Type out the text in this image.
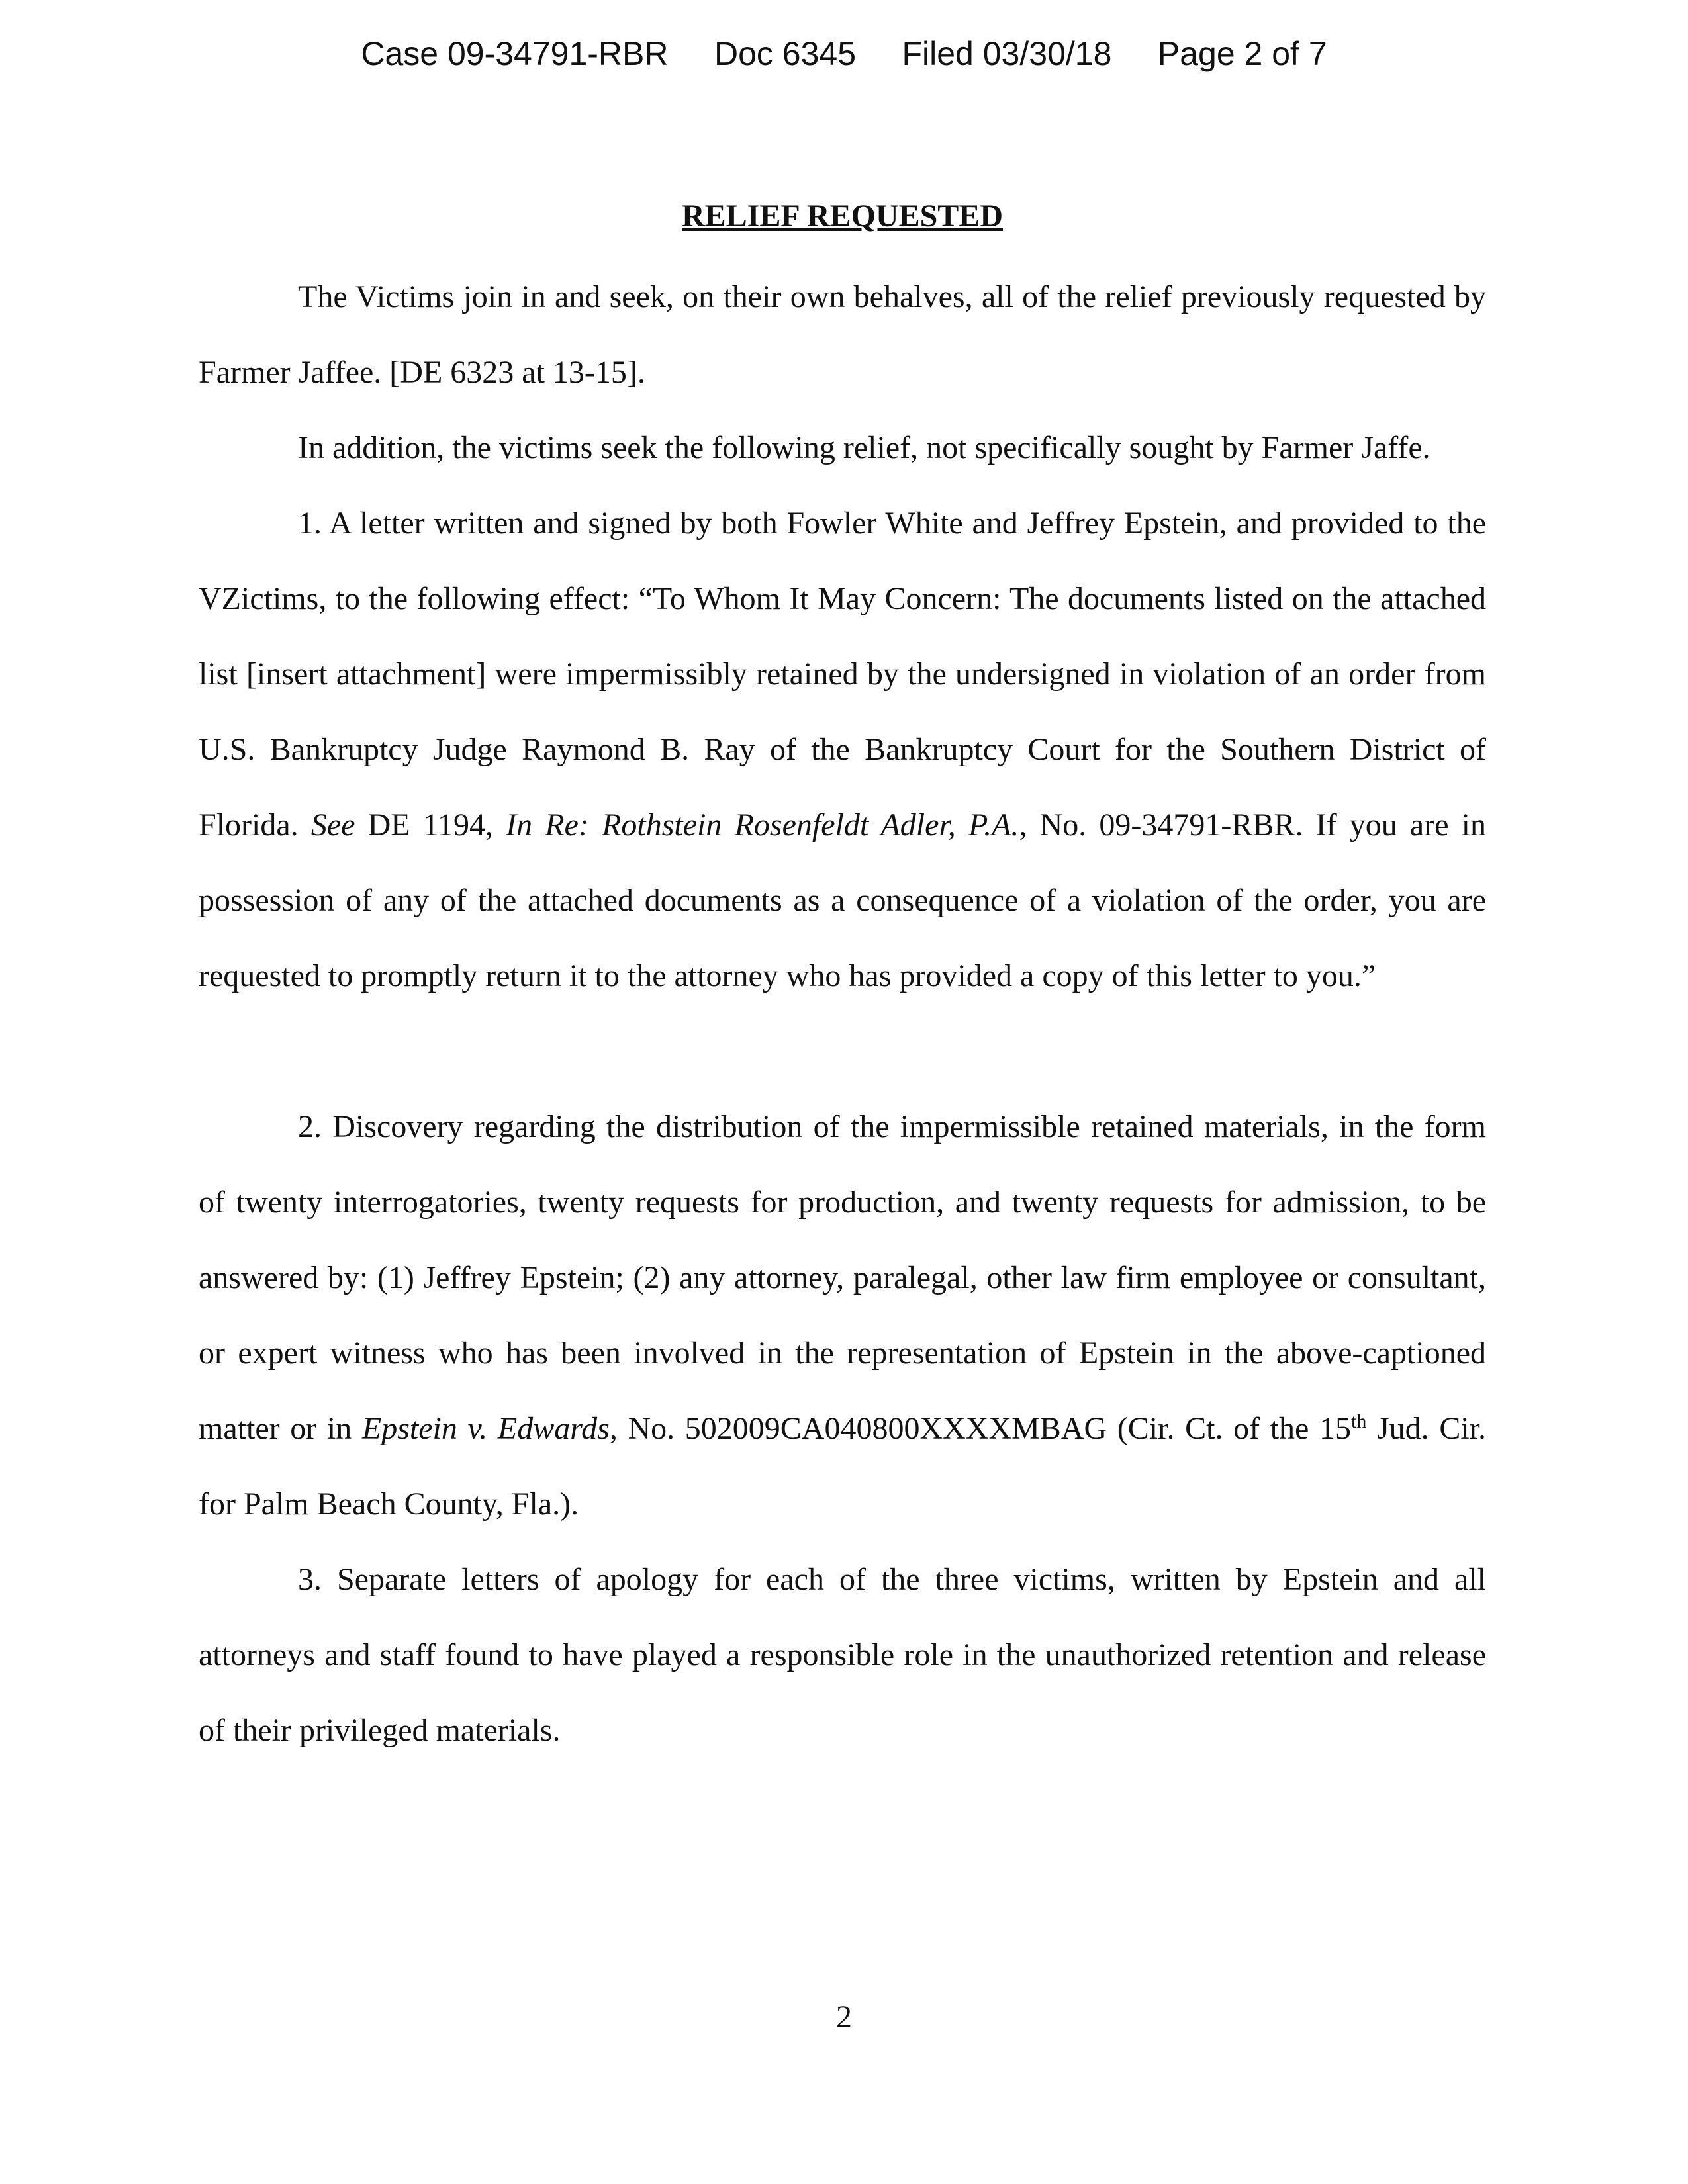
Case 09-34791-RBR Doc 6345 Filed 03/30/18 Page 2 of 7
RELIEF REQUESTED

The Victims join in and seek, on their own behalves, all of the relief previously requested by Farmer Jaffee. [DE 6323 at 13-15].

In addition, the victims seek the following relief, not specifically sought by Farmer Jaffe.

1. A letter written and signed by both Fowler White and Jeffrey Epstein, and provided to the VZictims, to the following effect: “To Whom It May Concern: The documents listed on the attached list [insert attachment] were impermissibly retained by the undersigned in violation of an order from U.S. Bankruptcy Judge Raymond B. Ray of the Bankruptcy Court for the Southern District of Florida. See DE 1194, In Re: Rothstein Rosenfeldt Adler, P.A., No. 09-34791-RBR. If you are in possession of any of the attached documents as a consequence of a violation of the order, you are requested to promptly return it to the attorney who has provided a copy of this letter to you.”

2. Discovery regarding the distribution of the impermissible retained materials, in the form of twenty interrogatories, twenty requests for production, and twenty requests for admission, to be answered by: (1) Jeffrey Epstein; (2) any attorney, paralegal, other law firm employee or consultant, or expert witness who has been involved in the representation of Epstein in the above-captioned matter or in Epstein v. Edwards, No. 502009CA040800XXXXMBAG (Cir. Ct. of the 15th Jud. Cir. for Palm Beach County, Fla.).

3. Separate letters of apology for each of the three victims, written by Epstein and all attorneys and staff found to have played a responsible role in the unauthorized retention and release of their privileged materials.

2
